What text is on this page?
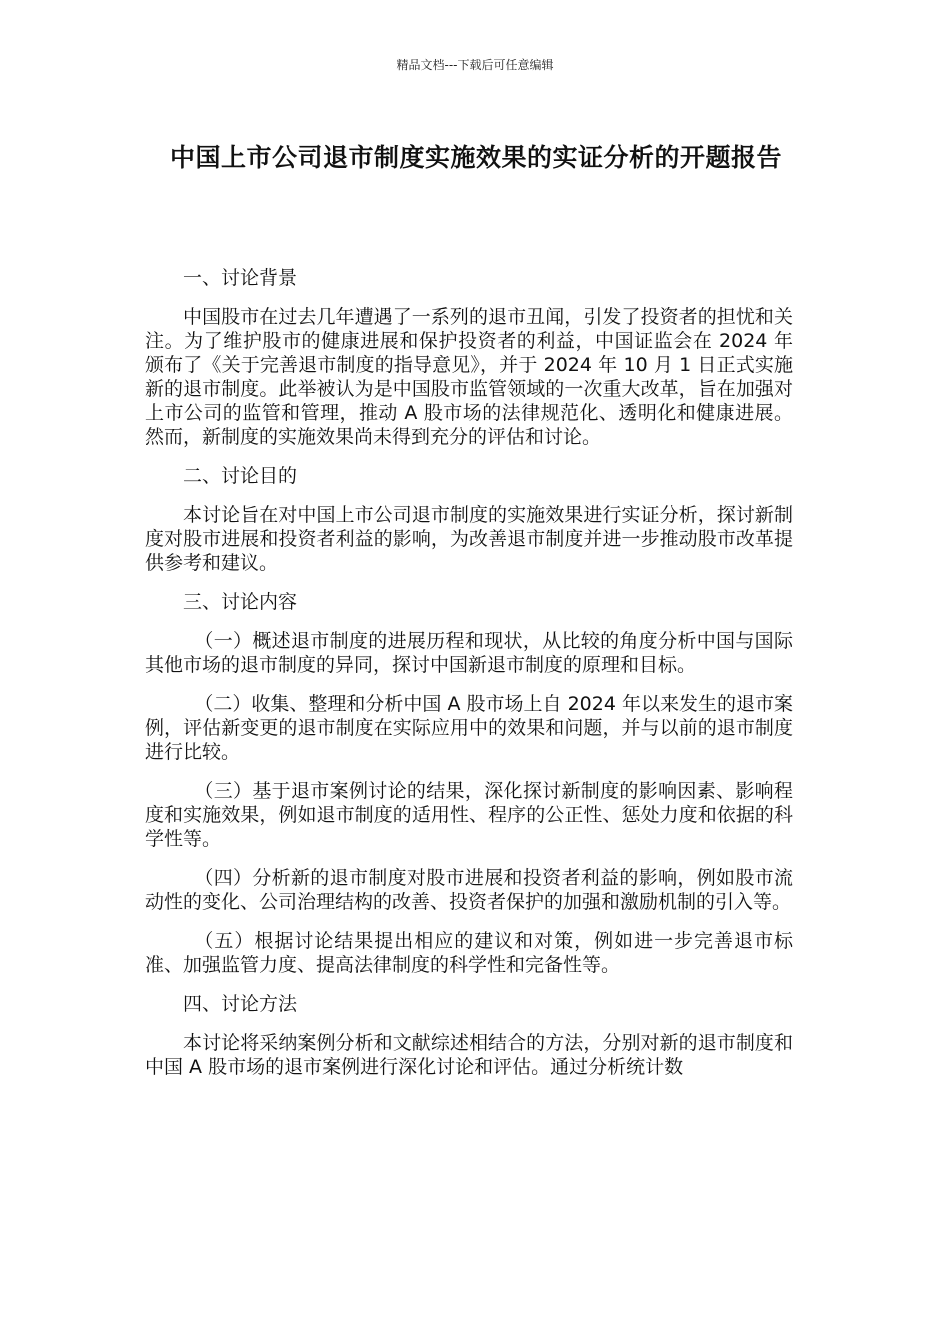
精品文档---下载后可任意编辑
中国上市公司退市制度实施效果的实证分析的开题报告

一、讨论背景

中国股市在过去几年遭遇了一系列的退市丑闻，引发了投资者的担忧和关注。为了维护股市的健康进展和保护投资者的利益，中国证监会在 2024 年颁布了《关于完善退市制度的指导意见》，并于 2024 年 10 月 1 日正式实施新的退市制度。此举被认为是中国股市监管领域的一次重大改革，旨在加强对上市公司的监管和管理，推动 A 股市场的法律规范化、透明化和健康进展。然而，新制度的实施效果尚未得到充分的评估和讨论。

二、讨论目的

本讨论旨在对中国上市公司退市制度的实施效果进行实证分析，探讨新制度对股市进展和投资者利益的影响，为改善退市制度并进一步推动股市改革提供参考和建议。

三、讨论内容

（一）概述退市制度的进展历程和现状，从比较的角度分析中国与国际其他市场的退市制度的异同，探讨中国新退市制度的原理和目标。

（二）收集、整理和分析中国 A 股市场上自 2024 年以来发生的退市案例，评估新变更的退市制度在实际应用中的效果和问题，并与以前的退市制度进行比较。

（三）基于退市案例讨论的结果，深化探讨新制度的影响因素、影响程度和实施效果，例如退市制度的适用性、程序的公正性、惩处力度和依据的科学性等。

（四）分析新的退市制度对股市进展和投资者利益的影响，例如股市流动性的变化、公司治理结构的改善、投资者保护的加强和激励机制的引入等。

（五）根据讨论结果提出相应的建议和对策，例如进一步完善退市标准、加强监管力度、提高法律制度的科学性和完备性等。

四、讨论方法

本讨论将采纳案例分析和文献综述相结合的方法，分别对新的退市制度和中国 A 股市场的退市案例进行深化讨论和评估。通过分析统计数
